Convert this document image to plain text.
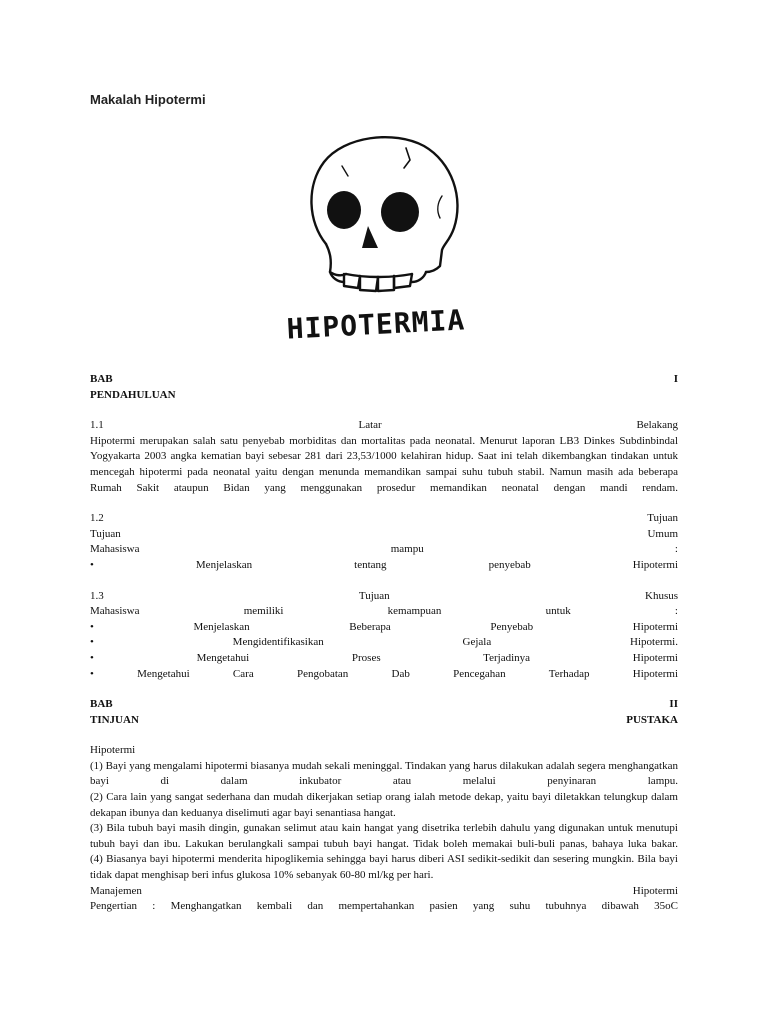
Makalah Hipotermi
HIPOTERMIA
BAB I
PENDAHULUAN
1.1 Latar Belakang
Hipotermi merupakan salah satu penyebab morbiditas dan mortalitas pada neonatal. Menurut laporan LB3 Dinkes Subdinbindal Yogyakarta 2003 angka kematian bayi sebesar 281 dari 23,53/1000 kelahiran hidup. Saat ini telah dikembangkan tindakan untuk mencegah hipotermi pada neonatal yaitu dengan menunda memandikan sampai suhu tubuh stabil. Namun masih ada beberapa Rumah Sakit ataupun Bidan yang menggunakan prosedur memandikan neonatal dengan mandi rendam.
1.2 Tujuan
Tujuan Umum
Mahasiswa mampu :
• Menjelaskan tentang penyebab Hipotermi
1.3 Tujuan Khusus
Mahasiswa memiliki kemampuan untuk :
• Menjelaskan Beberapa Penyebab Hipotermi
• Mengidentifikasikan Gejala Hipotermi.
• Mengetahui Proses Terjadinya Hipotermi
• Mengetahui Cara Pengobatan Dab Pencegahan Terhadap Hipotermi
BAB II
TINJUAN PUSTAKA
Hipotermi
(1) Bayi yang mengalami hipotermi biasanya mudah sekali meninggal. Tindakan yang harus dilakukan adalah segera menghangatkan bayi di dalam inkubator atau melalui penyinaran lampu.
(2) Cara lain yang sangat sederhana dan mudah dikerjakan setiap orang ialah metode dekap, yaitu bayi diletakkan telungkup dalam dekapan ibunya dan keduanya diselimuti agar bayi senantiasa hangat.
(3) Bila tubuh bayi masih dingin, gunakan selimut atau kain hangat yang disetrika terlebih dahulu yang digunakan untuk menutupi tubuh bayi dan ibu. Lakukan berulangkali sampai tubuh bayi hangat. Tidak boleh memakai buli-buli panas, bahaya luka bakar.
(4) Biasanya bayi hipotermi menderita hipoglikemia sehingga bayi harus diberi ASI sedikit-sedikit dan sesering mungkin. Bila bayi tidak dapat menghisap beri infus glukosa 10% sebanyak 60-80 ml/kg per hari.
Manajemen Hipotermi
Pengertian : Menghangatkan kembali dan mempertahankan pasien yang suhu tubuhnya dibawah 35oC
